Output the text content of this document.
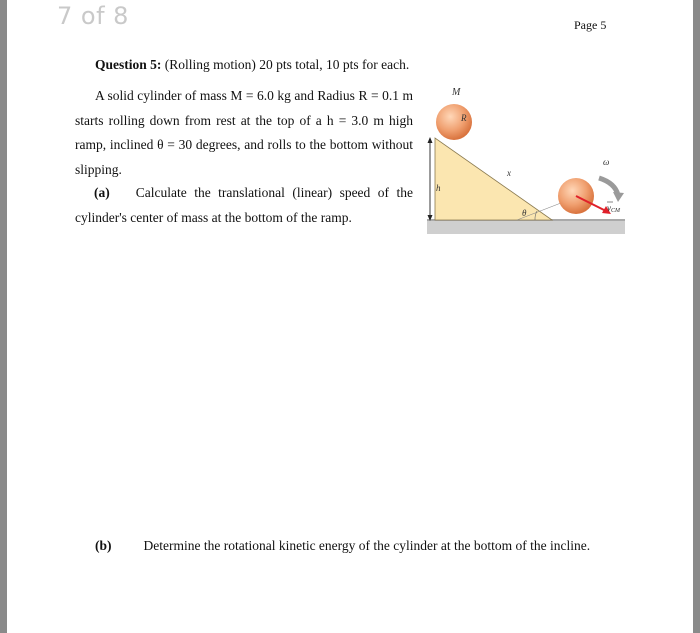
7 of 8	Page 5
Question 5: (Rolling motion) 20 pts total, 10 pts for each.

A solid cylinder of mass M = 6.0 kg and Radius R = 0.1 m starts rolling down from rest at the top of a h = 3.0 m high ramp, inclined θ = 30 degrees, and rolls to the bottom without slipping.

(a) Calculate the translational (linear) speed of the cylinder's center of mass at the bottom of the ramp.	θ
h
x
M
R
vCM
ω
(b) Determine the rotational kinetic energy of the cylinder at the bottom of the incline.
